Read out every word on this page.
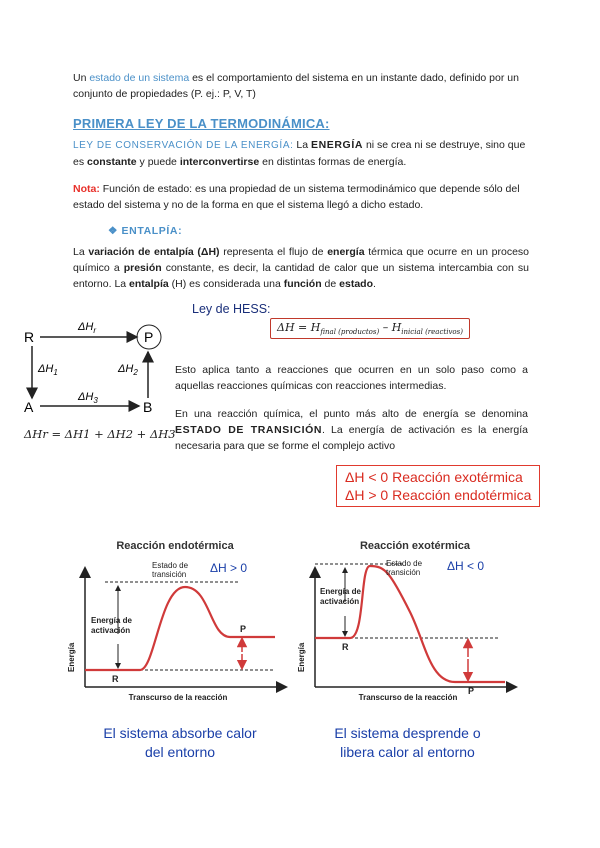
Un estado de un sistema es el comportamiento del sistema en un instante dado, definido por un conjunto de propiedades (P. ej.: P, V, T)

PRIMERA LEY DE LA TERMODINÁMICA:

LEY DE CONSERVACIÓN DE LA ENERGÍA: La ENERGÍA ni se crea ni se destruye, sino que es constante y puede interconvertirse en distintas formas de energía.

Nota: Función de estado: es una propiedad de un sistema termodinámico que depende sólo del estado del sistema y no de la forma en que el sistema llegó a dicho estado.

❖ ENTALPÍA:

La variación de entalpía (ΔH) representa el flujo de energía térmica que ocurre en un proceso químico a presión constante, es decir, la cantidad de calor que un sistema intercambia con su entorno. La entalpía (H) es considerada una función de estado.

Ley de HESS:
$\Delta H = H_{final (productos)} - H_{inicial (reactivos)}$
R	P
A	B
$\Delta H_r$
$\Delta H_1$	$\Delta H_2$
$\Delta H_3$
ΔHr = ΔH1 + ΔH2 + ΔH3

Esto aplica tanto a reacciones que ocurren en un solo paso como a aquellas reacciones químicas con reacciones intermedias.

En una reacción química, el punto más alto de energía se denomina ESTADO DE TRANSICIÓN. La energía de activación es la energía necesaria para que se forme el complejo activo

ΔH < 0 Reacción exotérmica
ΔH > 0 Reacción endotérmica
Reacción endotérmica
Estado de transición ΔH > 0
Energía de activación
Energía
Transcurso de la reacción
R
P
Reacción exotérmica
Estado de transición ΔH < 0
Energía de activación
Energía
Transcurso de la reacción
R
P
El sistema absorbe calor
del entorno
El sistema desprende o
libera calor al entorno
